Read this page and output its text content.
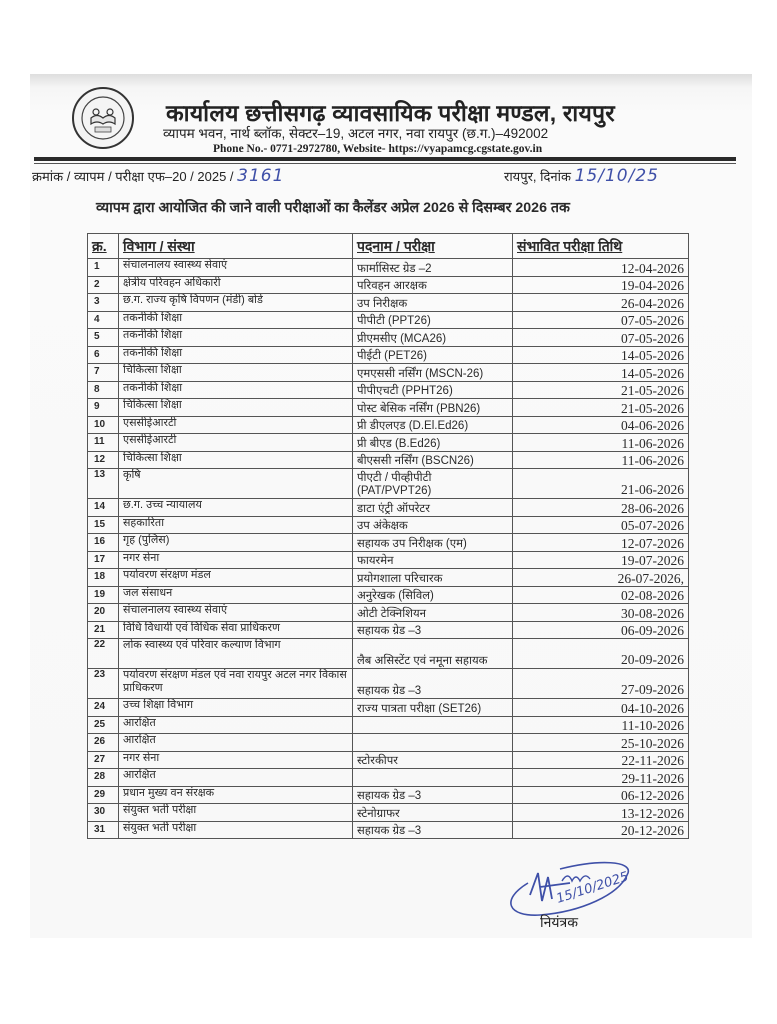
कार्यालय छत्तीसगढ़ व्यावसायिक परीक्षा मण्डल, रायपुर
व्यापम भवन, नार्थ ब्लॉक, सेक्टर–19, अटल नगर, नवा रायपुर (छ.ग.)–492002
Phone No.- 0771-2972780, Website- https://vyapamcg.cgstate.gov.in
क्रमांक / व्यापम / परीक्षा एफ–20 / 2025 / 3161	रायपुर, दिनांक 15/10/25
व्यापम द्वारा आयोजित की जाने वाली परीक्षाओं का कैलेंडर अप्रेल 2026 से दिसम्बर 2026 तक
क्र.	विभाग / संस्था	पदनाम / परीक्षा	संभावित परीक्षा तिथि
1	संचालनालय स्वास्थ्य सेवाएं	फार्मासिस्ट ग्रेड –2	12-04-2026
2	क्षेत्रीय परिवहन अधिकारी	परिवहन आरक्षक	19-04-2026
3	छ.ग. राज्य कृषि विपणन (मंडी) बोर्ड	उप निरीक्षक	26-04-2026
4	तकनीकी शिक्षा	पीपीटी (PPT26)	07-05-2026
5	तकनीकी शिक्षा	प्रीएमसीए (MCA26)	07-05-2026
6	तकनीकी शिक्षा	पीईटी (PET26)	14-05-2026
7	चिकित्सा शिक्षा	एमएससी नर्सिंग (MSCN-26)	14-05-2026
8	तकनीकी शिक्षा	पीपीएचटी (PPHT26)	21-05-2026
9	चिकित्सा शिक्षा	पोस्ट बेसिक नर्सिंग (PBN26)	21-05-2026
10	एससीईआरटी	प्री डीएलएड (D.El.Ed26)	04-06-2026
11	एससीईआरटी	प्री बीएड (B.Ed26)	11-06-2026
12	चिकित्सा शिक्षा	बीएससी नर्सिंग (BSCN26)	11-06-2026
13	कृषि	पीएटी / पीव्हीपीटी (PAT/PVPT26)	21-06-2026
14	छ.ग. उच्च न्यायालय	डाटा एंट्री ऑपरेटर	28-06-2026
15	सहकारिता	उप अंकेक्षक	05-07-2026
16	गृह (पुलिस)	सहायक उप निरीक्षक (एम)	12-07-2026
17	नगर सेना	फायरमेन	19-07-2026
18	पर्यावरण संरक्षण मंडल	प्रयोगशाला परिचारक	26-07-2026,
19	जल संसाधन	अनुरेखक (सिविल)	02-08-2026
20	संचालनालय स्वास्थ्य सेवाएं	ओटी टेक्निशियन	30-08-2026
21	विधि विधायी एवं विधिक सेवा प्राधिकरण	सहायक ग्रेड –3	06-09-2026
22	लोक स्वास्थ्य एवं परिवार कल्याण विभाग	लैब असिस्टेंट एवं नमूना सहायक	20-09-2026
23	पर्यावरण संरक्षण मंडल एवं नवा रायपुर अटल नगर विकास प्राधिकरण	सहायक ग्रेड –3	27-09-2026
24	उच्च शिक्षा विभाग	राज्य पात्रता परीक्षा (SET26)	04-10-2026
25	आरक्षित		11-10-2026
26	आरक्षित		25-10-2026
27	नगर सेना	स्टोरकीपर	22-11-2026
28	आरक्षित		29-11-2026
29	प्रधान मुख्य वन संरक्षक	सहायक ग्रेड –3	06-12-2026
30	संयुक्त भर्ती परीक्षा	स्टेनोग्राफर	13-12-2026
31	संयुक्त भर्ती परीक्षा	सहायक ग्रेड –3	20-12-2026
15/10/2025
नियंत्रक
